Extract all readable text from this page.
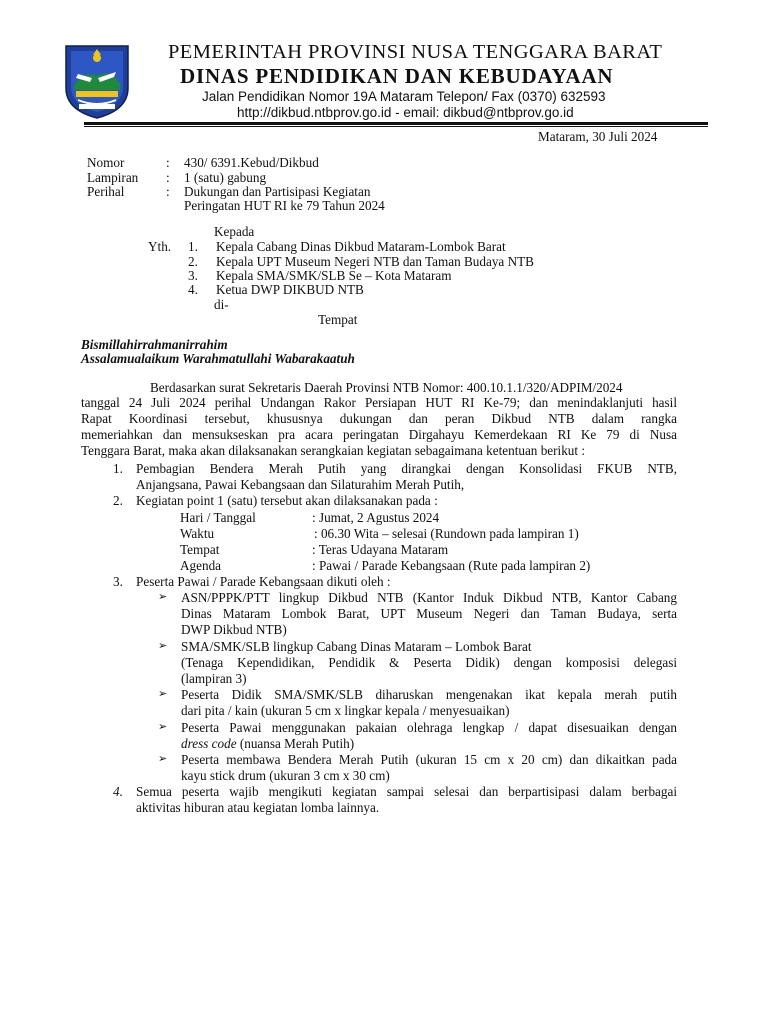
PEMERINTAH PROVINSI NUSA TENGGARA BARAT
DINAS PENDIDIKAN DAN KEBUDAYAAN
Jalan Pendidikan Nomor 19A Mataram Telepon/ Fax (0370) 632593
http://dikbud.ntbprov.go.id - email: dikbud@ntbprov.go.id
Mataram, 30 Juli 2024
Nomor	: 430/ 6391.Kebud/Dikbud
Lampiran : 1 (satu) gabung
Perihal	: Dukungan dan Partisipasi Kegiatan
Peringatan HUT RI ke 79 Tahun 2024
Kepada
Yth. 1. Kepala Cabang Dinas Dikbud Mataram-Lombok Barat
2. Kepala UPT Museum Negeri NTB dan Taman Budaya NTB
3. Kepala SMA/SMK/SLB Se – Kota Mataram
4. Ketua DWP DIKBUD NTB
di-
Tempat
Bismillahirrahmanirrahim
Assalamualaikum Warahmatullahi Wabarakaatuh
Berdasarkan surat Sekretaris Daerah Provinsi NTB Nomor: 400.10.1.1/320/ADPIM/2024
tanggal 24 Juli 2024 perihal Undangan Rakor Persiapan HUT RI Ke-79; dan menindaklanjuti hasil
Rapat Koordinasi tersebut, khususnya dukungan dan peran Dikbud NTB dalam rangka
memeriahkan dan mensukseskan pra acara peringatan Dirgahayu Kemerdekaan RI Ke 79 di Nusa
Tenggara Barat, maka akan dilaksanakan serangkaian kegiatan sebagaimana ketentuan berikut :
1. Pembagian Bendera Merah Putih yang dirangkai dengan Konsolidasi FKUB NTB,
Anjangsana, Pawai Kebangsaan dan Silaturahim Merah Putih,
2. Kegiatan point 1 (satu) tersebut akan dilaksanakan pada :
Hari / Tanggal	: Jumat, 2 Agustus 2024
Waktu	: 06.30 Wita – selesai (Rundown pada lampiran 1)
Tempat	: Teras Udayana Mataram
Agenda	: Pawai / Parade Kebangsaan (Rute pada lampiran 2)
3. Peserta Pawai / Parade Kebangsaan dikuti oleh :
➢ ASN/PPPK/PTT lingkup Dikbud NTB (Kantor Induk Dikbud NTB, Kantor Cabang
Dinas Mataram Lombok Barat, UPT Museum Negeri dan Taman Budaya, serta
DWP Dikbud NTB)
➢ SMA/SMK/SLB lingkup Cabang Dinas Mataram – Lombok Barat
(Tenaga Kependidikan, Pendidik & Peserta Didik) dengan komposisi delegasi
(lampiran 3)
➢ Peserta Didik SMA/SMK/SLB diharuskan mengenakan ikat kepala merah putih
dari pita / kain (ukuran 5 cm x lingkar kepala / menyesuaikan)
➢ Peserta Pawai menggunakan pakaian olehraga lengkap / dapat disesuaikan dengan
dress code (nuansa Merah Putih)
➢ Peserta membawa Bendera Merah Putih (ukuran 15 cm x 20 cm) dan dikaitkan pada
kayu stick drum (ukuran 3 cm x 30 cm)
4. Semua peserta wajib mengikuti kegiatan sampai selesai dan berpartisipasi dalam berbagai
aktivitas hiburan atau kegiatan lomba lainnya.
